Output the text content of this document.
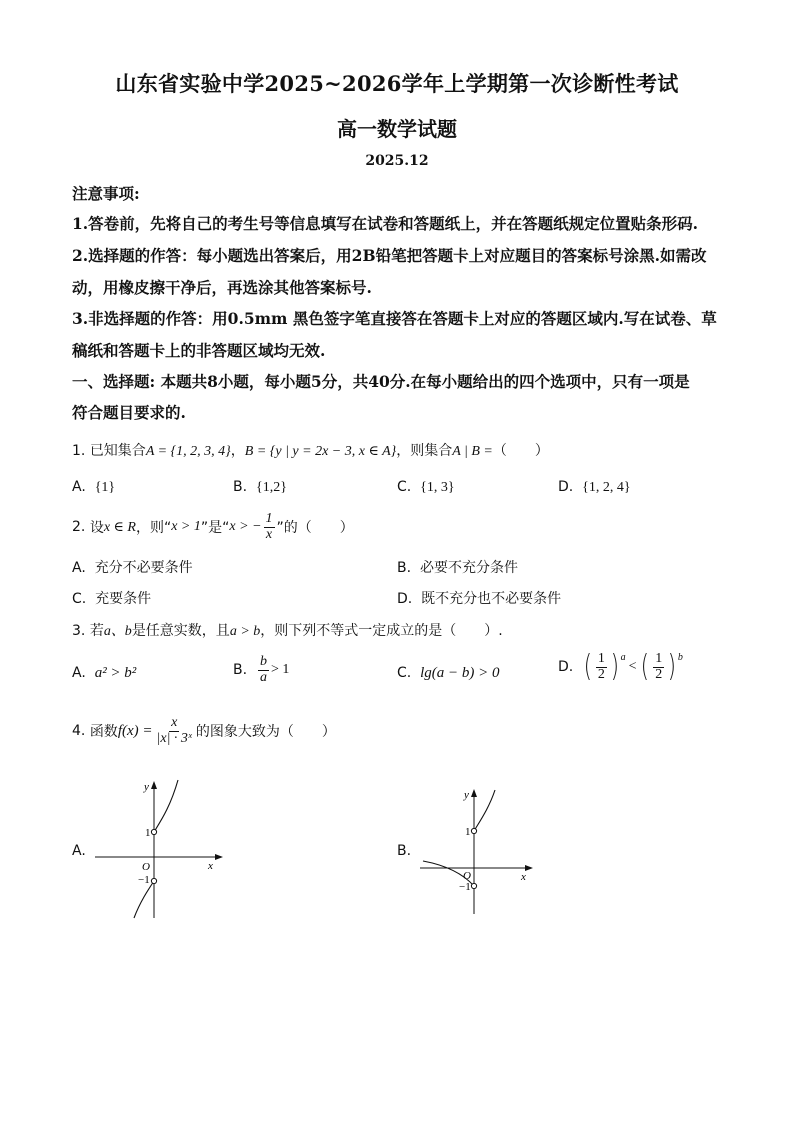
山东省实验中学2025~2026学年上学期第一次诊断性考试
高一数学试题
2025.12
注意事项:
1.答卷前，先将自己的考生号等信息填写在试卷和答题纸上，并在答题纸规定位置贴条形码.
2.选择题的作答：每小题选出答案后，用2B铅笔把答题卡上对应题目的答案标号涂黑.如需改
动，用橡皮擦干净后，再选涂其他答案标号.
3.非选择题的作答：用0.5mm 黑色签字笔直接答在答题卡上对应的答题区域内.写在试卷、草
稿纸和答题卡上的非答题区域均无效.
一、选择题: 本题共8小题，每小题5分，共40分.在每小题给出的四个选项中，只有一项是
符合题目要求的.
1. 已知集合A = {1, 2, 3, 4}，B = {y | y = 2x − 3, x ∈ A}，则集合A | B =（　　）
A. {1}	B. {1,2}	C. {1, 3}	D. {1, 2, 4}
2.
设 x ∈ R ，则“ x > 1 ”是“ x > − $\frac{1}{x}$ ”的（　　）
A. 充分不必要条件	B. 必要不充分条件
C. 充要条件	D. 既不充分也不必要条件
3. 若a、b是任意实数，且a > b，则下列不等式一定成立的是（　　）.
A. a² > b²	B.
$\frac{b}{a} > 1$	C. lg(a − b) > 0	D.
( $\frac{1}{2} )^a$
< ( $\frac{1}{2} )^b$
4.
函数 $f(x) = \frac{x}{\text{|x| · 3ˣ}}$ 的图象大致为（　　）
A.
y
x
O
1
−1
B.
y
x
O
1
−1
